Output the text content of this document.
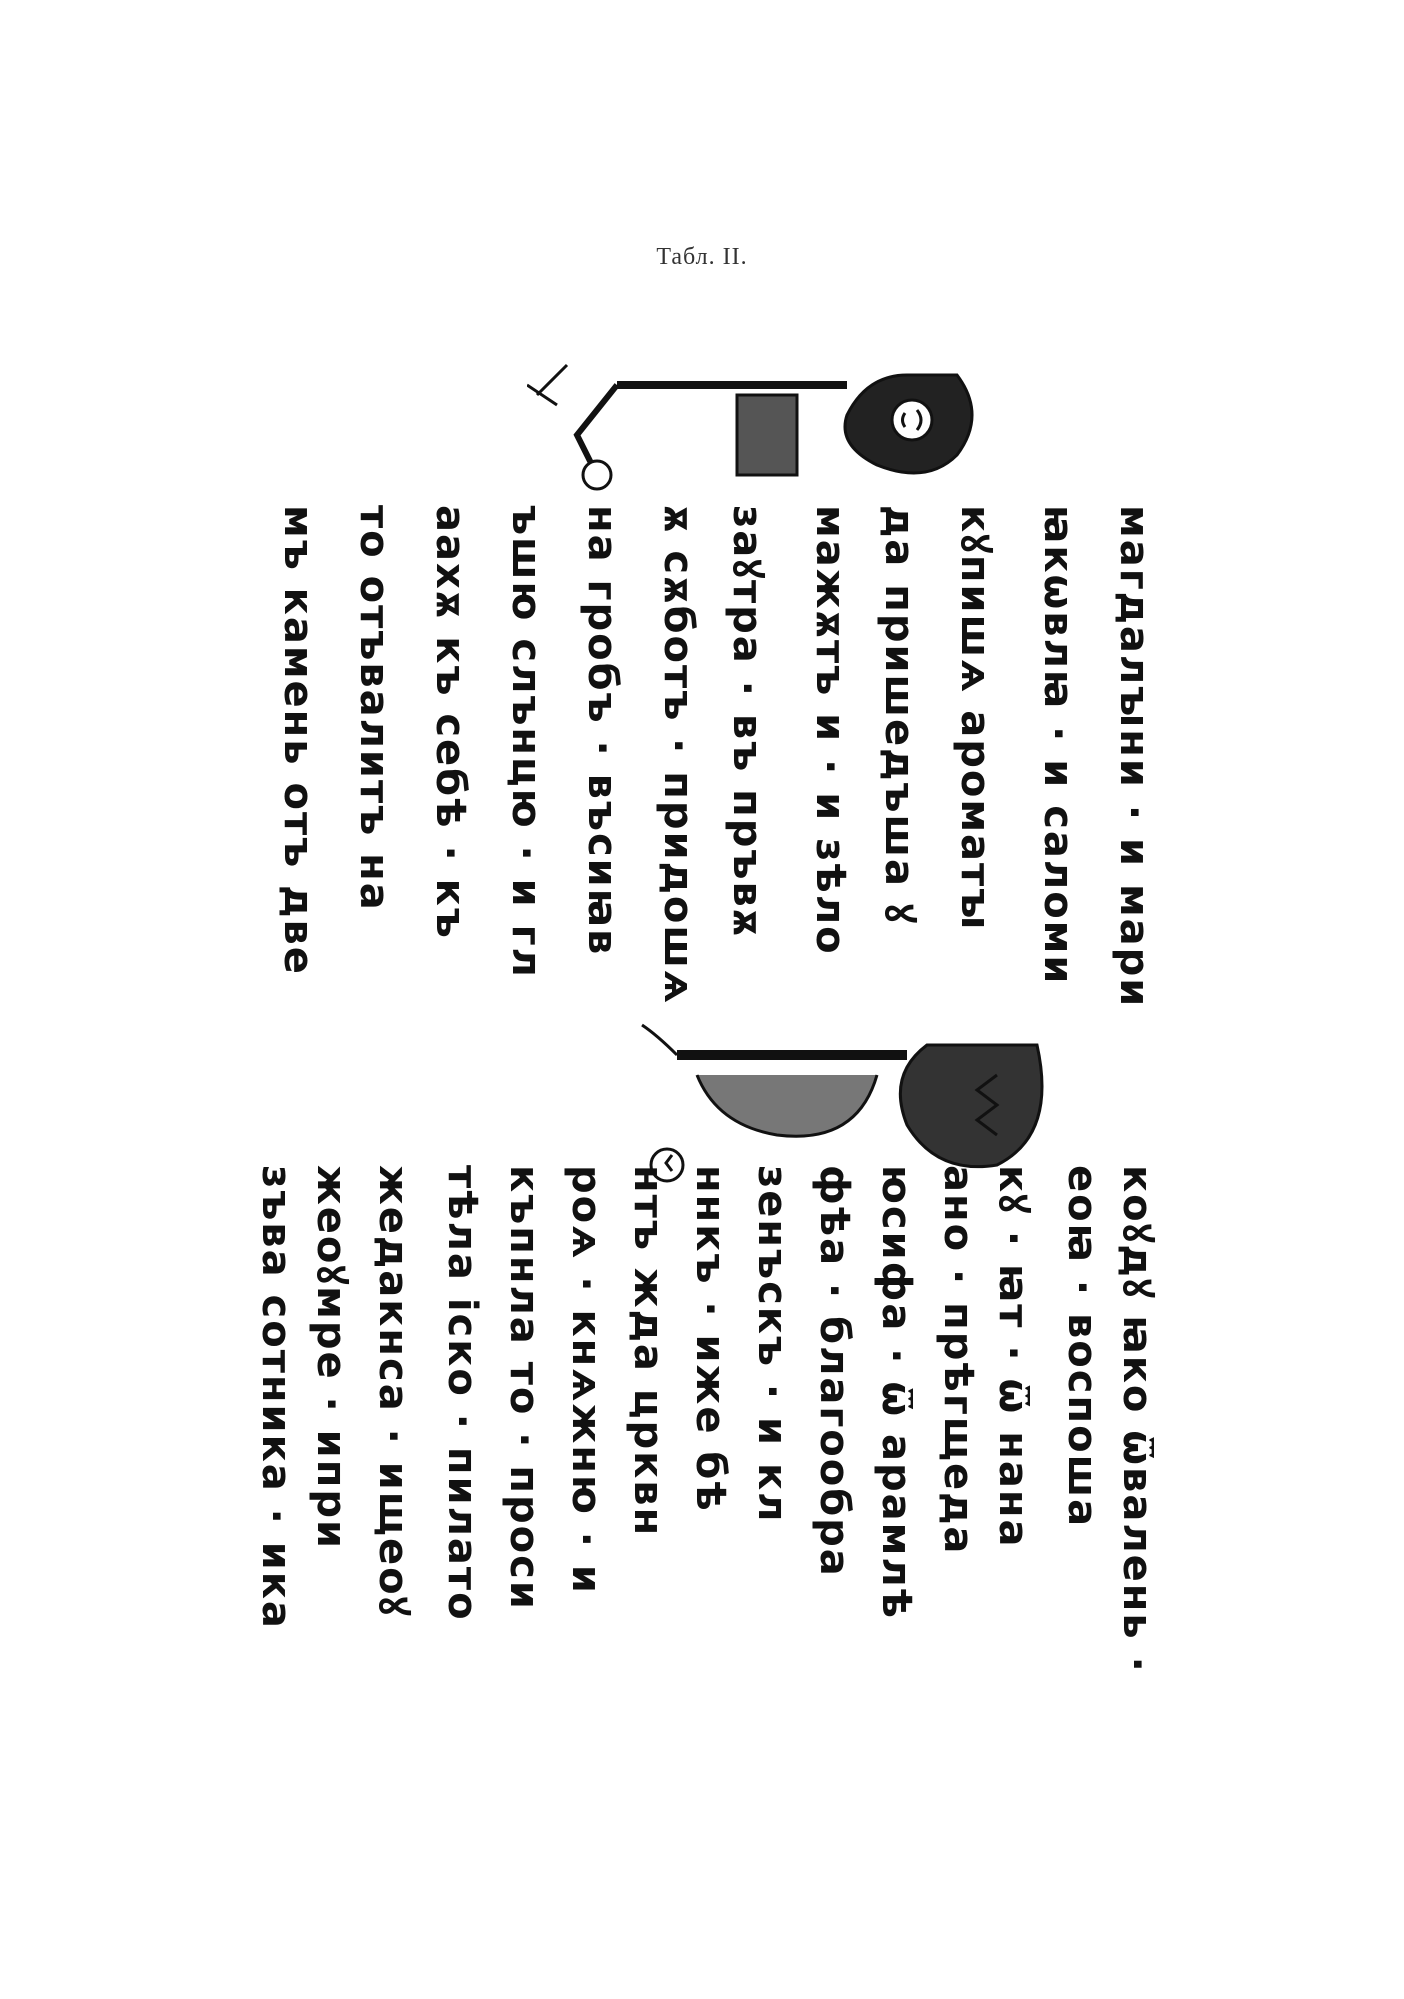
Табл. II.
магдалꙑни · и мари
ꙗкѡвлꙗ · и саломи
кꙋпишѧ ароматꙑ
да пришедъша ꙋ
мажѫтъ и · и зѣло
заꙋтра · въ пръвѫ
ѫ сѫботъ · придошѧ
на гробъ · въсиꙗв
ъшю слънцю · и гл
аахѫ къ себѣ · къ
то отъвалитъ на
мъ камень отъ две
коꙋдꙋ ꙗко ѿвалень ·
еоꙗ · воспоша
кꙋ · ꙗт · ѿ нана
ано · прѣгщеда
юсифа · ѿ арамлѣ
фѣа · благообра
зенъскъ · и кл
ннкъ · иже бѣ
нтъ жда црквн
роѧ · кнѧжню · и
къпнла то · проси
тѣла іско · пилато
жедакнса · ищеоꙋ
жеоꙋмре · ипри
зъва сотника · ика
